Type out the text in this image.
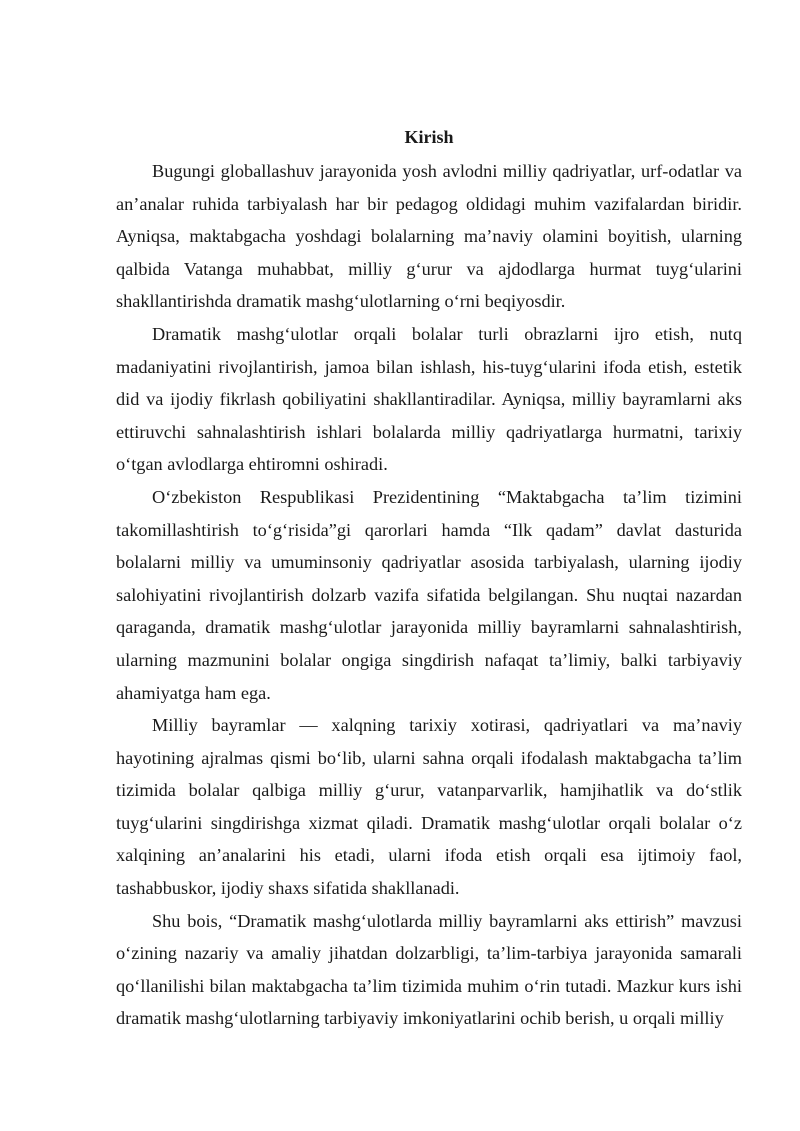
Kirish

Bugungi globallashuv jarayonida yosh avlodni milliy qadriyatlar, urf-odatlar va an’analar ruhida tarbiyalash har bir pedagog oldidagi muhim vazifalardan biridir. Ayniqsa, maktabgacha yoshdagi bolalarning ma’naviy olamini boyitish, ularning qalbida Vatanga muhabbat, milliy g‘urur va ajdodlarga hurmat tuyg‘ularini shakllantirishda dramatik mashg‘ulotlarning o‘rni beqiyosdir.

Dramatik mashg‘ulotlar orqali bolalar turli obrazlarni ijro etish, nutq madaniyatini rivojlantirish, jamoa bilan ishlash, his-tuyg‘ularini ifoda etish, estetik did va ijodiy fikrlash qobiliyatini shakllantiradilar. Ayniqsa, milliy bayramlarni aks ettiruvchi sahnalashtirish ishlari bolalarda milliy qadriyatlarga hurmatni, tarixiy o‘tgan avlodlarga ehtiromni oshiradi.

O‘zbekiston Respublikasi Prezidentining “Maktabgacha ta’lim tizimini takomillashtirish to‘g‘risida”gi qarorlari hamda “Ilk qadam” davlat dasturida bolalarni milliy va umuminsoniy qadriyatlar asosida tarbiyalash, ularning ijodiy salohiyatini rivojlantirish dolzarb vazifa sifatida belgilangan. Shu nuqtai nazardan qaraganda, dramatik mashg‘ulotlar jarayonida milliy bayramlarni sahnalashtirish, ularning mazmunini bolalar ongiga singdirish nafaqat ta’limiy, balki tarbiyaviy ahamiyatga ham ega.

Milliy bayramlar — xalqning tarixiy xotirasi, qadriyatlari va ma’naviy hayotining ajralmas qismi bo‘lib, ularni sahna orqali ifodalash maktabgacha ta’lim tizimida bolalar qalbiga milliy g‘urur, vatanparvarlik, hamjihatlik va do‘stlik tuyg‘ularini singdirishga xizmat qiladi. Dramatik mashg‘ulotlar orqali bolalar o‘z xalqining an’analarini his etadi, ularni ifoda etish orqali esa ijtimoiy faol, tashabbuskor, ijodiy shaxs sifatida shakllanadi.

Shu bois, “Dramatik mashg‘ulotlarda milliy bayramlarni aks ettirish” mavzusi o‘zining nazariy va amaliy jihatdan dolzarbligi, ta’lim-tarbiya jarayonida samarali qo‘llanilishi bilan maktabgacha ta’lim tizimida muhim o‘rin tutadi. Mazkur kurs ishi dramatik mashg‘ulotlarning tarbiyaviy imkoniyatlarini ochib berish, u orqali milliy
